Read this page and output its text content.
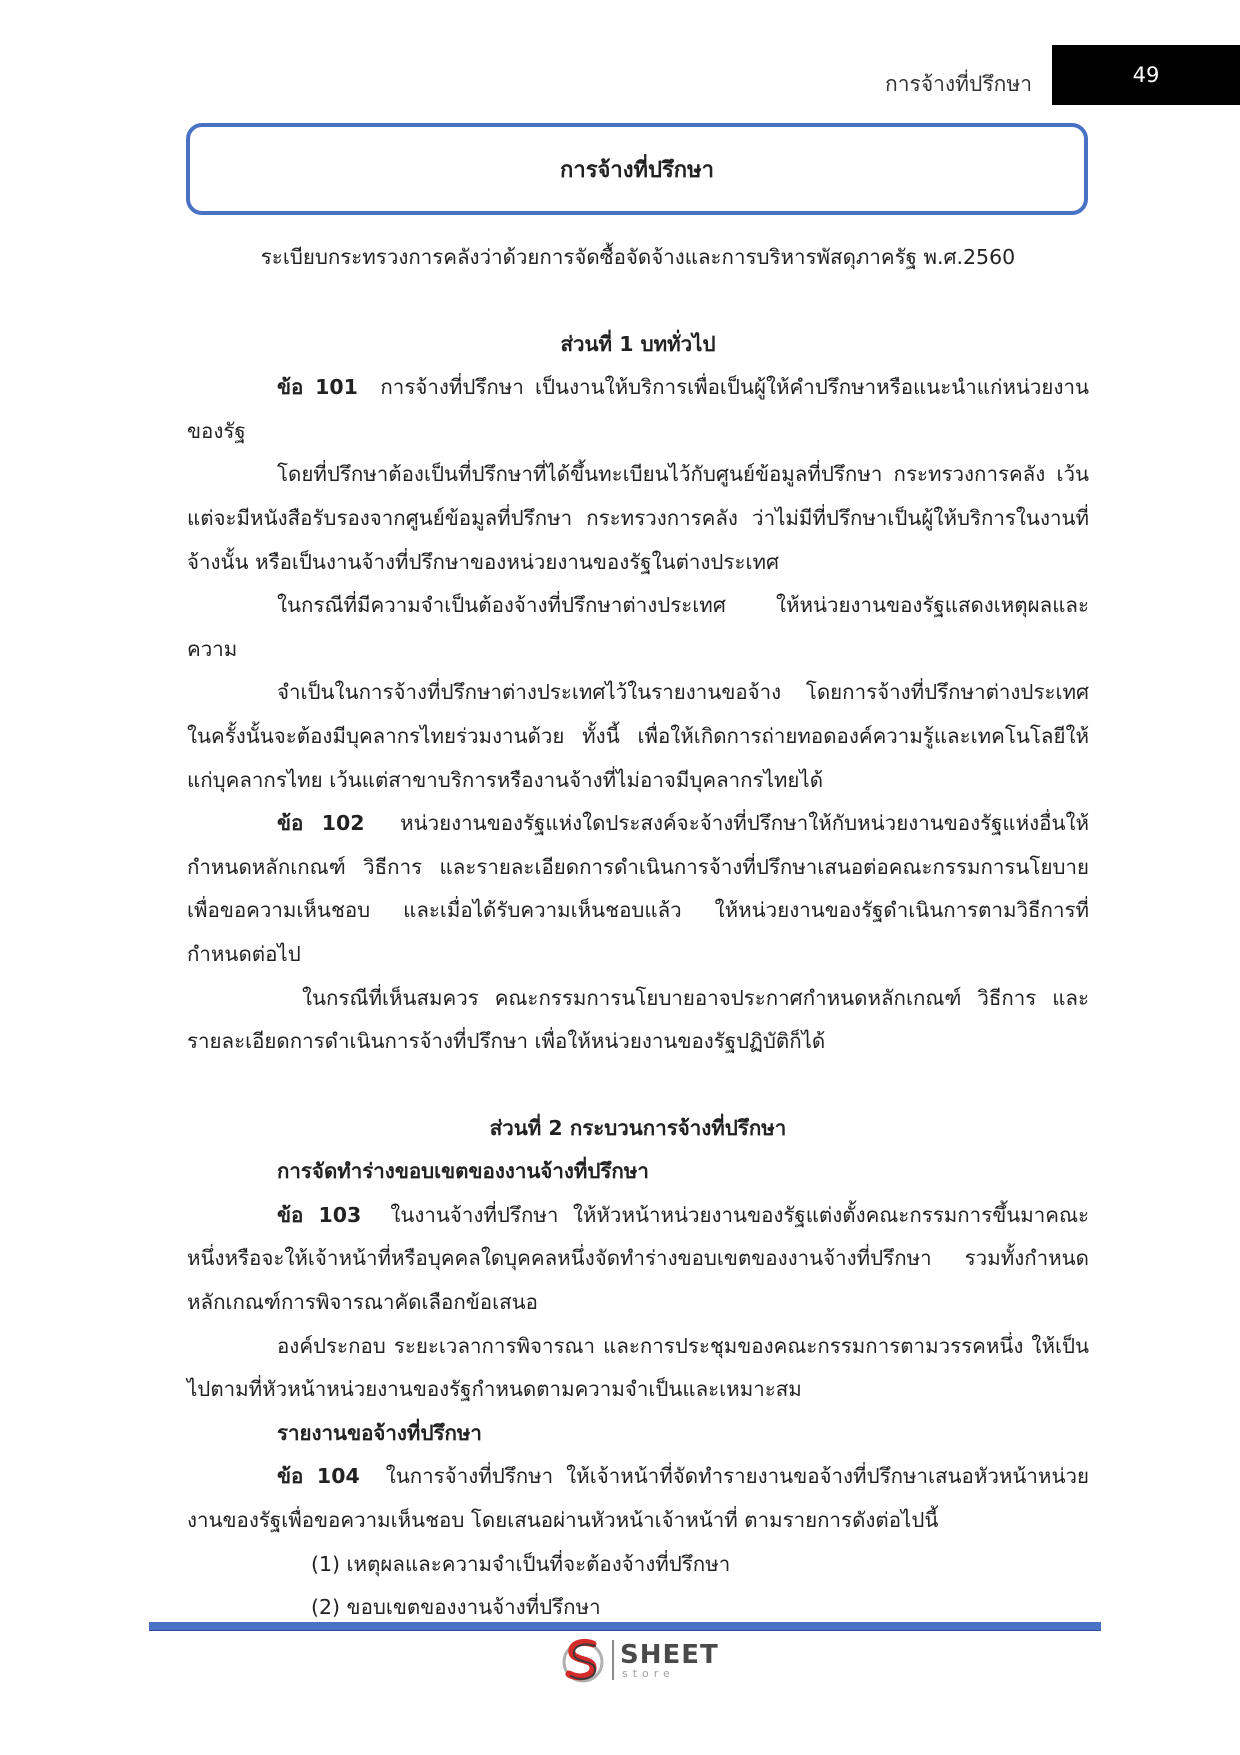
การจ้างที่ปรึกษา	49
การจ้างที่ปรึกษา

ระเบียบกระทรวงการคลังว่าด้วยการจัดซื้อจัดจ้างและการบริหารพัสดุภาครัฐ พ.ศ.2560

ส่วนที่ 1 บททั่วไป

ข้อ 101 การจ้างที่ปรึกษา เป็นงานให้บริการเพื่อเป็นผู้ให้คำปรึกษาหรือแนะนำแก่หน่วยงานของรัฐ

โดยที่ปรึกษาต้องเป็นที่ปรึกษาที่ได้ขึ้นทะเบียนไว้กับศูนย์ข้อมูลที่ปรึกษา กระทรวงการคลัง เว้นแต่จะมีหนังสือรับรองจากศูนย์ข้อมูลที่ปรึกษา กระทรวงการคลัง ว่าไม่มีที่ปรึกษาเป็นผู้ให้บริการในงานที่จ้างนั้น หรือเป็นงานจ้างที่ปรึกษาของหน่วยงานของรัฐในต่างประเทศ

ในกรณีที่มีความจำเป็นต้องจ้างที่ปรึกษาต่างประเทศ ให้หน่วยงานของรัฐแสดงเหตุผลและความ

จำเป็นในการจ้างที่ปรึกษาต่างประเทศไว้ในรายงานขอจ้าง โดยการจ้างที่ปรึกษาต่างประเทศในครั้งนั้นจะต้องมีบุคลากรไทยร่วมงานด้วย ทั้งนี้ เพื่อให้เกิดการถ่ายทอดองค์ความรู้และเทคโนโลยีให้แก่บุคลากรไทย เว้นแต่สาขาบริการหรืองานจ้างที่ไม่อาจมีบุคลากรไทยได้

ข้อ 102 หน่วยงานของรัฐแห่งใดประสงค์จะจ้างที่ปรึกษาให้กับหน่วยงานของรัฐแห่งอื่นให้กำหนดหลักเกณฑ์ วิธีการ และรายละเอียดการดำเนินการจ้างที่ปรึกษาเสนอต่อคณะกรรมการนโยบายเพื่อขอความเห็นชอบ และเมื่อได้รับความเห็นชอบแล้ว ให้หน่วยงานของรัฐดำเนินการตามวิธีการที่กำหนดต่อไป

ในกรณีที่เห็นสมควร คณะกรรมการนโยบายอาจประกาศกำหนดหลักเกณฑ์ วิธีการ และรายละเอียดการดำเนินการจ้างที่ปรึกษา เพื่อให้หน่วยงานของรัฐปฏิบัติก็ได้

ส่วนที่ 2 กระบวนการจ้างที่ปรึกษา

การจัดทำร่างขอบเขตของงานจ้างที่ปรึกษา

ข้อ 103 ในงานจ้างที่ปรึกษา ให้หัวหน้าหน่วยงานของรัฐแต่งตั้งคณะกรรมการขึ้นมาคณะหนึ่งหรือจะให้เจ้าหน้าที่หรือบุคคลใดบุคคลหนึ่งจัดทำร่างขอบเขตของงานจ้างที่ปรึกษา รวมทั้งกำหนดหลักเกณฑ์การพิจารณาคัดเลือกข้อเสนอ

องค์ประกอบ ระยะเวลาการพิจารณา และการประชุมของคณะกรรมการตามวรรคหนึ่ง ให้เป็นไปตามที่หัวหน้าหน่วยงานของรัฐกำหนดตามความจำเป็นและเหมาะสม

รายงานขอจ้างที่ปรึกษา

ข้อ 104 ในการจ้างที่ปรึกษา ให้เจ้าหน้าที่จัดทำรายงานขอจ้างที่ปรึกษาเสนอหัวหน้าหน่วยงานของรัฐเพื่อขอความเห็นชอบ โดยเสนอผ่านหัวหน้าเจ้าหน้าที่ ตามรายการดังต่อไปนี้

(1) เหตุผลและความจำเป็นที่จะต้องจ้างที่ปรึกษา

(2) ขอบเขตของงานจ้างที่ปรึกษา

SHEET
store
